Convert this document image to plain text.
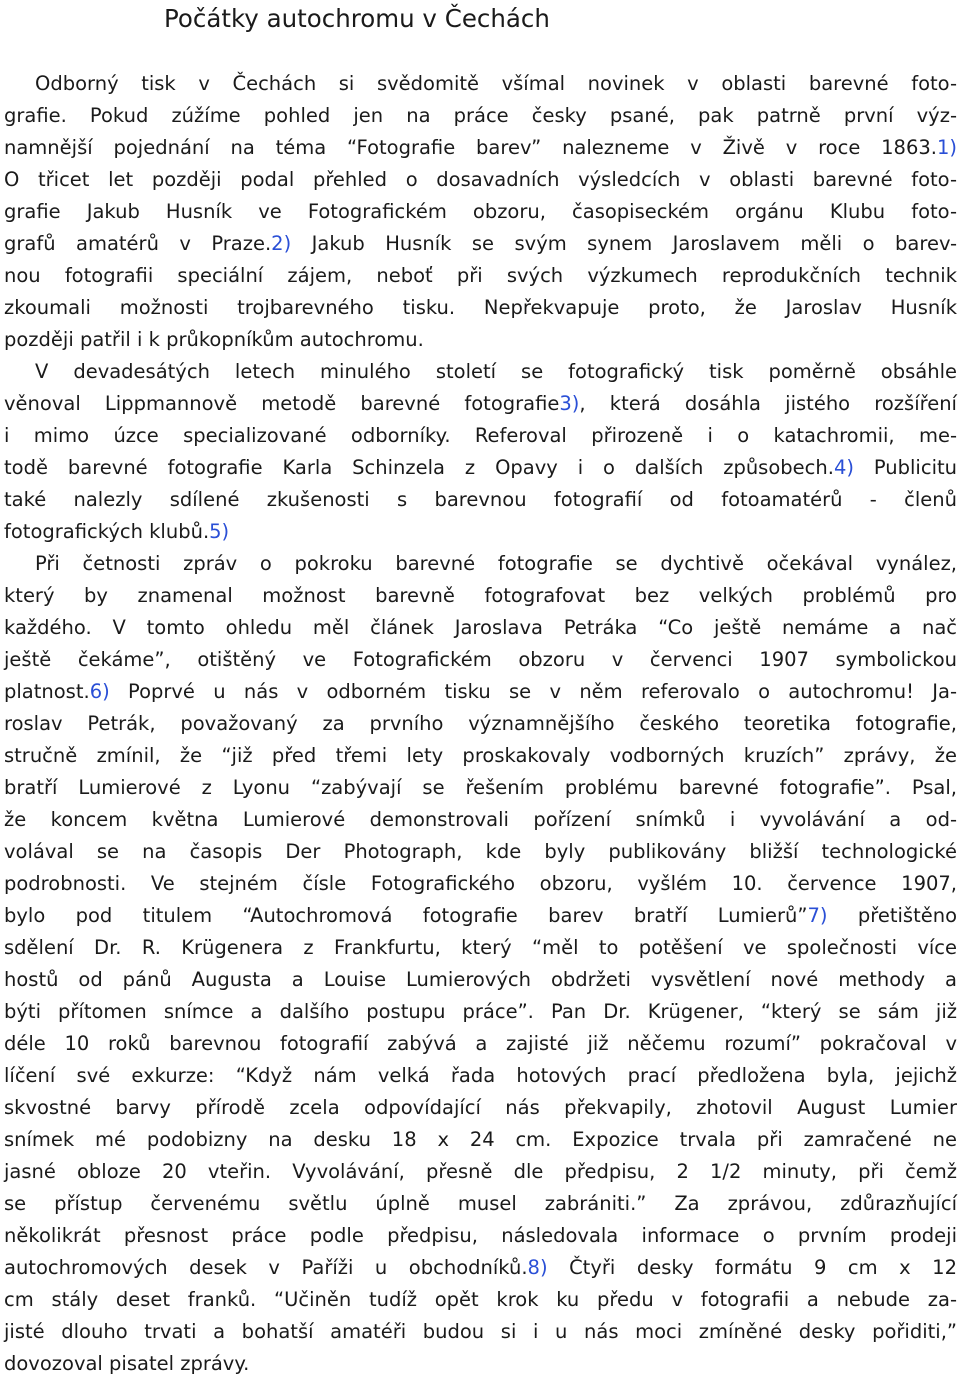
Počátky autochromu v Čechách
Odborný tisk v Čechách si svědomitě všímal novinek v oblasti barevné foto-
grafie. Pokud zúžíme pohled jen na práce česky psané, pak patrně první výz-
namnější pojednání na téma “Fotografie barev” nalezneme v Živě v roce 1863.1)
O třicet let později podal přehled o dosavadních výsledcích v oblasti barevné foto-
grafie Jakub Husník ve Fotografickém obzoru, časopiseckém orgánu Klubu foto-
grafů amatérů v Praze.2) Jakub Husník se svým synem Jaroslavem měli o barev-
nou fotografii speciální zájem, neboť při svých výzkumech reprodukčních technik
zkoumali možnosti trojbarevného tisku. Nepřekvapuje proto, že Jaroslav Husník
později patřil i k průkopníkům autochromu.
V devadesátých letech minulého století se fotografický tisk poměrně obsáhle
věnoval Lippmannově metodě barevné fotografie3), která dosáhla jistého rozšíření
i mimo úzce specializované odborníky. Referoval přirozeně i o katachromii, me-
todě barevné fotografie Karla Schinzela z Opavy i o dalších způsobech.4) Publicitu
také nalezly sdílené zkušenosti s barevnou fotografií od fotoamatérů - členů
fotografických klubů.5)
Při četnosti zpráv o pokroku barevné fotografie se dychtivě očekával vynález,
který by znamenal možnost barevně fotografovat bez velkých problémů pro
každého. V tomto ohledu měl článek Jaroslava Petráka “Co ještě nemáme a nač
ještě čekáme”, otištěný ve Fotografickém obzoru v červenci 1907 symbolickou
platnost.6) Poprvé u nás v odborném tisku se v něm referovalo o autochromu! Ja-
roslav Petrák, považovaný za prvního významnějšího českého teoretika fotografie,
stručně zmínil, že “již před třemi lety proskakovaly vodborných kruzích” zprávy, že
bratří Lumierové z Lyonu “zabývají se řešením problému barevné fotografie”. Psal,
že koncem května Lumierové demonstrovali pořízení snímků i vyvolávání a od-
volával se na časopis Der Photograph, kde byly publikovány bližší technologické
podrobnosti. Ve stejném čísle Fotografického obzoru, vyšlém 10. července 1907,
bylo pod titulem “Autochromová fotografie barev bratří Lumierů”7) přetištěno
sdělení Dr. R. Krügenera z Frankfurtu, který “měl to potěšení ve společnosti více
hostů od pánů Augusta a Louise Lumierových obdržeti vysvětlení nové methody a
býti přítomen snímce a dalšího postupu práce”. Pan Dr. Krügener, “který se sám již
déle 10 roků barevnou fotografií zabývá a zajisté již něčemu rozumí” pokračoval v
líčení své exkurze: “Když nám velká řada hotových prací předložena byla, jejichž
skvostné barvy přírodě zcela odpovídající nás překvapily, zhotovil August Lumier
snímek mé podobizny na desku 18 x 24 cm. Expozice trvala při zamračené ne
jasné obloze 20 vteřin. Vyvolávání, přesně dle předpisu, 2 1/2 minuty, při čemž
se přístup červenému světlu úplně musel zabrániti.” Za zprávou, zdůrazňující
několikrát přesnost práce podle předpisu, následovala informace o prvním prodeji
autochromových desek v Paříži u obchodníků.8) Čtyři desky formátu 9 cm x 12
cm stály deset franků. “Učiněn tudíž opět krok ku předu v fotografii a nebude za-
jisté dlouho trvati a bohatší amatéři budou si i u nás moci zmíněné desky pořiditi,”
dovozoval pisatel zprávy.
